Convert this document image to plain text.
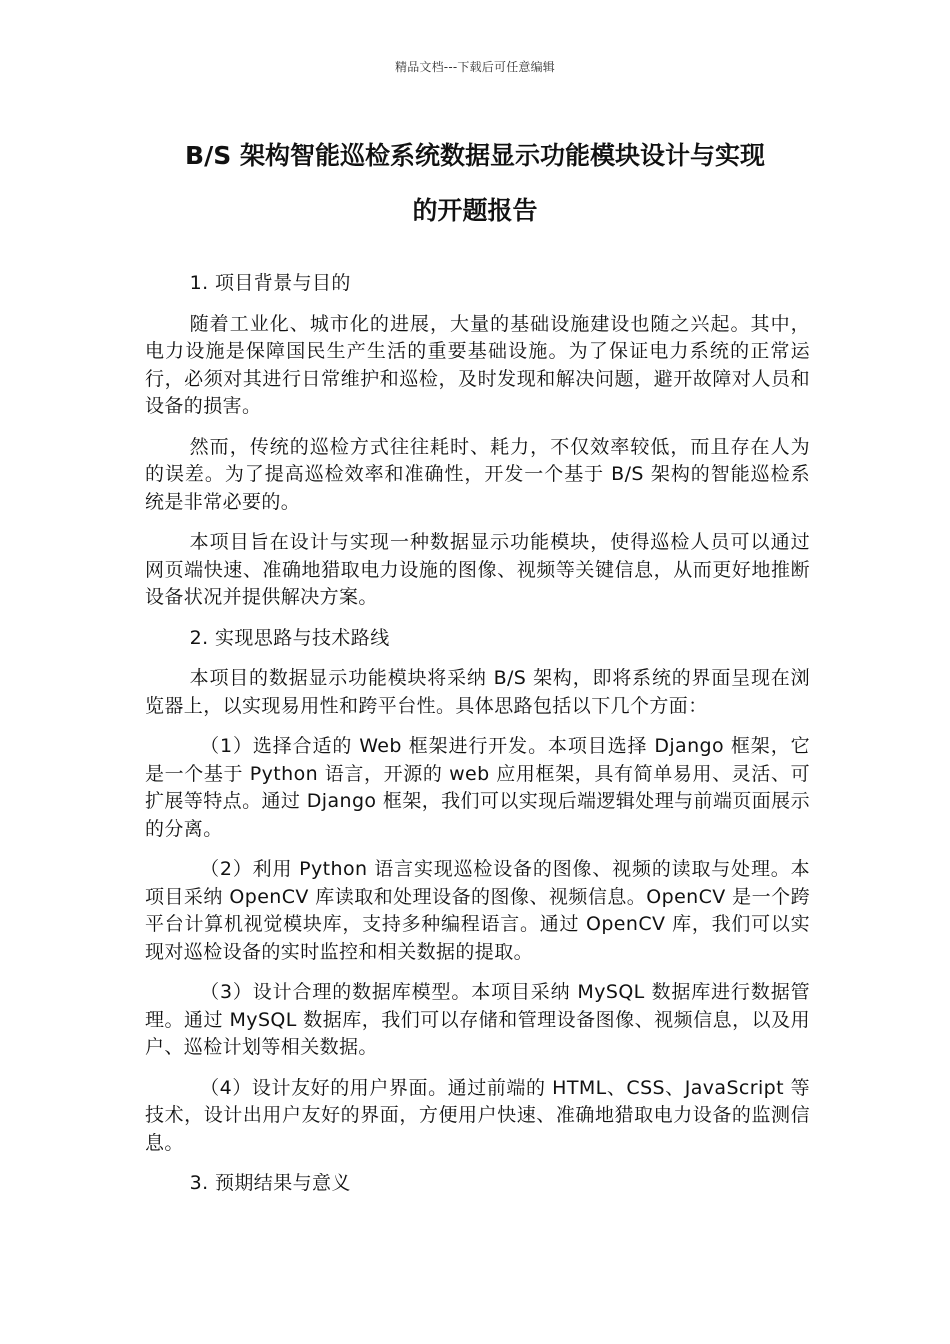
精品文档---下载后可任意编辑
B/S 架构智能巡检系统数据显示功能模块设计与实现
的开题报告

1. 项目背景与目的

随着工业化、城市化的进展，大量的基础设施建设也随之兴起。其中，电力设施是保障国民生产生活的重要基础设施。为了保证电力系统的正常运行，必须对其进行日常维护和巡检，及时发现和解决问题，避开故障对人员和设备的损害。

然而，传统的巡检方式往往耗时、耗力，不仅效率较低，而且存在人为的误差。为了提高巡检效率和准确性，开发一个基于 B/S 架构的智能巡检系统是非常必要的。

本项目旨在设计与实现一种数据显示功能模块，使得巡检人员可以通过网页端快速、准确地猎取电力设施的图像、视频等关键信息，从而更好地推断设备状况并提供解决方案。

2. 实现思路与技术路线

本项目的数据显示功能模块将采纳 B/S 架构，即将系统的界面呈现在浏览器上，以实现易用性和跨平台性。具体思路包括以下几个方面：

（1）选择合适的 Web 框架进行开发。本项目选择 Django 框架，它是一个基于 Python 语言，开源的 web 应用框架，具有简单易用、灵活、可扩展等特点。通过 Django 框架，我们可以实现后端逻辑处理与前端页面展示的分离。

（2）利用 Python 语言实现巡检设备的图像、视频的读取与处理。本项目采纳 OpenCV 库读取和处理设备的图像、视频信息。OpenCV 是一个跨平台计算机视觉模块库，支持多种编程语言。通过 OpenCV 库，我们可以实现对巡检设备的实时监控和相关数据的提取。

（3）设计合理的数据库模型。本项目采纳 MySQL 数据库进行数据管理。通过 MySQL 数据库，我们可以存储和管理设备图像、视频信息，以及用户、巡检计划等相关数据。

（4）设计友好的用户界面。通过前端的 HTML、CSS、JavaScript 等技术，设计出用户友好的界面，方便用户快速、准确地猎取电力设备的监测信息。

3. 预期结果与意义
